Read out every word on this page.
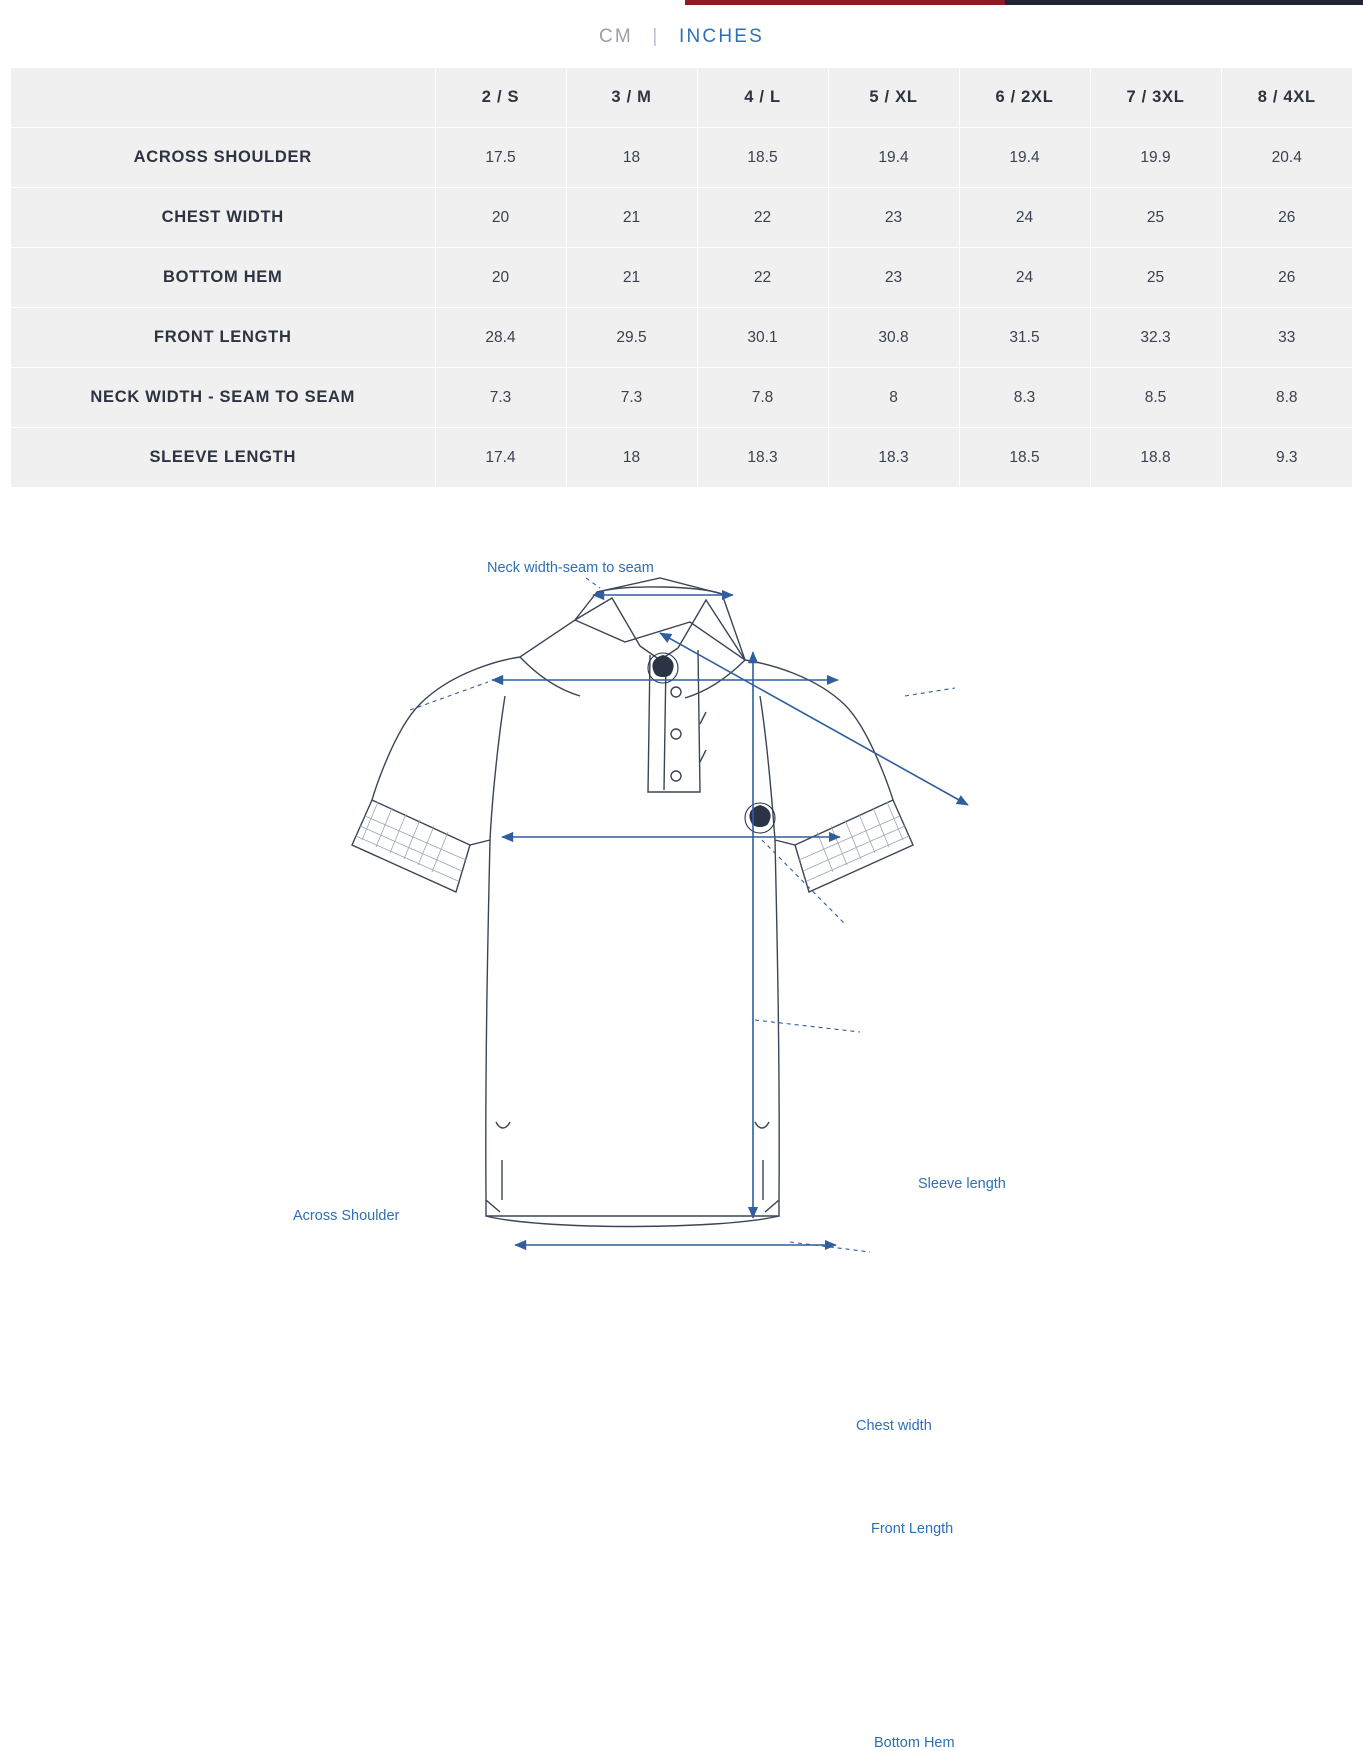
CM | INCHES
	2 / S	3 / M	4 / L	5 / XL	6 / 2XL	7 / 3XL	8 / 4XL
ACROSS SHOULDER	17.5	18	18.5	19.4	19.4	19.9	20.4
CHEST WIDTH	20	21	22	23	24	25	26
BOTTOM HEM	20	21	22	23	24	25	26
FRONT LENGTH	28.4	29.5	30.1	30.8	31.5	32.3	33
NECK WIDTH - SEAM TO SEAM	7.3	7.3	7.8	8	8.3	8.5	8.8
SLEEVE LENGTH	17.4	18	18.3	18.3	18.5	18.8	9.3
Neck width-seam to seam
Sleeve length
Across Shoulder
Chest width
Front Length
Bottom Hem
